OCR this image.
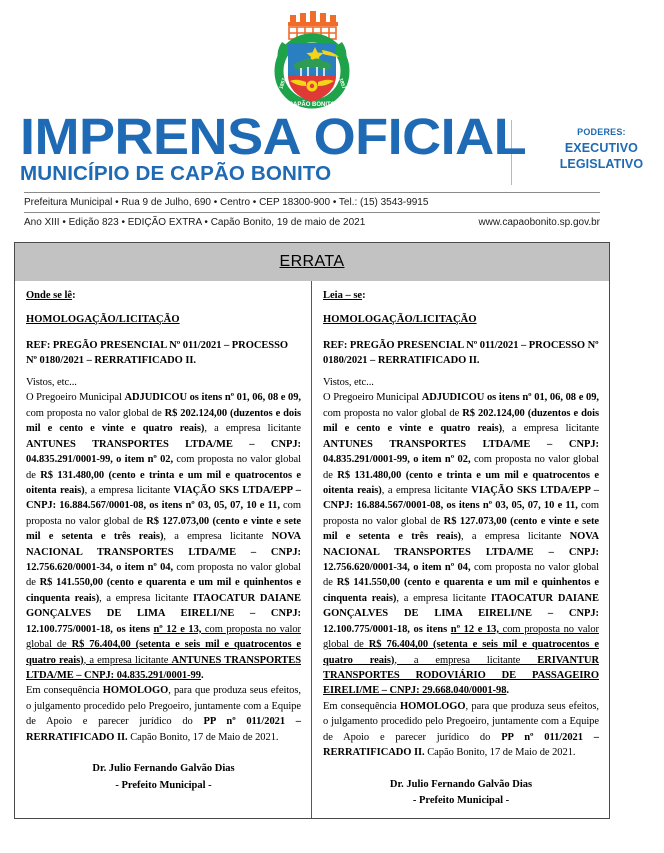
CAPÃO BONITO
1857	1857
IMPRENSA OFICIAL
MUNICÍPIO DE CAPÃO BONITO
PODERES:
EXECUTIVO
LEGISLATIVO
Prefeitura Municipal • Rua 9 de Julho, 690 • Centro • CEP 18300-900 • Tel.: (15) 3543-9915
Ano XIII • Edição 823 • EDIÇÃO EXTRA • Capão Bonito, 19 de maio de 2021	www.capaobonito.sp.gov.br
ERRATA
Onde se lê:
HOMOLOGAÇÃO/LICITAÇÃO
REF: PREGÃO PRESENCIAL Nº 011/2021 – PROCESSO Nº 0180/2021 – RERRATIFICADO II.

Vistos, etc...
O Pregoeiro Municipal ADJUDICOU os itens nº 01, 06, 08 e 09, com proposta no valor global de R$ 202.124,00 (duzentos e dois mil e cento e vinte e quatro reais), a empresa licitante ANTUNES TRANSPORTES LTDA/ME – CNPJ: 04.835.291/0001-99, o item nº 02, com proposta no valor global de R$ 131.480,00 (cento e trinta e um mil e quatrocentos e oitenta reais), a empresa licitante VIAÇÃO SKS LTDA/EPP – CNPJ: 16.884.567/0001-08, os itens nº 03, 05, 07, 10 e 11, com proposta no valor global de R$ 127.073,00 (cento e vinte e sete mil e setenta e três reais), a empresa licitante NOVA NACIONAL TRANSPORTES LTDA/ME – CNPJ: 12.756.620/0001-34, o item nº 04, com proposta no valor global de R$ 141.550,00 (cento e quarenta e um mil e quinhentos e cinquenta reais), a empresa licitante ITAOCATUR DAIANE GONÇALVES DE LIMA EIRELI/NE – CNPJ: 12.100.775/0001-18, os itens nº 12 e 13, com proposta no valor global de R$ 76.404,00 (setenta e seis mil e quatrocentos e quatro reais), a empresa licitante ANTUNES TRANSPORTES LTDA/ME – CNPJ: 04.835.291/0001-99.
Em consequência HOMOLOGO, para que produza seus efeitos, o julgamento procedido pelo Pregoeiro, juntamente com a Equipe de Apoio e parecer jurídico do PP nº 011/2021 – RERRATIFICADO II. Capão Bonito, 17 de Maio de 2021.

Dr. Julio Fernando Galvão Dias
- Prefeito Municipal -
Leia – se:
HOMOLOGAÇÃO/LICITAÇÃO
REF: PREGÃO PRESENCIAL Nº 011/2021 – PROCESSO Nº 0180/2021 – RERRATIFICADO II.

Vistos, etc...
O Pregoeiro Municipal ADJUDICOU os itens nº 01, 06, 08 e 09, com proposta no valor global de R$ 202.124,00 (duzentos e dois mil e cento e vinte e quatro reais), a empresa licitante ANTUNES TRANSPORTES LTDA/ME – CNPJ: 04.835.291/0001-99, o item nº 02, com proposta no valor global de R$ 131.480,00 (cento e trinta e um mil e quatrocentos e oitenta reais), a empresa licitante VIAÇÃO SKS LTDA/EPP – CNPJ: 16.884.567/0001-08, os itens nº 03, 05, 07, 10 e 11, com proposta no valor global de R$ 127.073,00 (cento e vinte e sete mil e setenta e três reais), a empresa licitante NOVA NACIONAL TRANSPORTES LTDA/ME – CNPJ: 12.756.620/0001-34, o item nº 04, com proposta no valor global de R$ 141.550,00 (cento e quarenta e um mil e quinhentos e cinquenta reais), a empresa licitante ITAOCATUR DAIANE GONÇALVES DE LIMA EIRELI/NE – CNPJ: 12.100.775/0001-18, os itens nº 12 e 13, com proposta no valor global de R$ 76.404,00 (setenta e seis mil e quatrocentos e quatro reais), a empresa licitante ERIVANTUR TRANSPORTES RODOVIÁRIO DE PASSAGEIRO EIRELI/ME – CNPJ: 29.668.040/0001-98.
Em consequência HOMOLOGO, para que produza seus efeitos, o julgamento procedido pelo Pregoeiro, juntamente com a Equipe de Apoio e parecer jurídico do PP nº 011/2021 – RERRATIFICADO II. Capão Bonito, 17 de Maio de 2021.

Dr. Julio Fernando Galvão Dias
- Prefeito Municipal -
